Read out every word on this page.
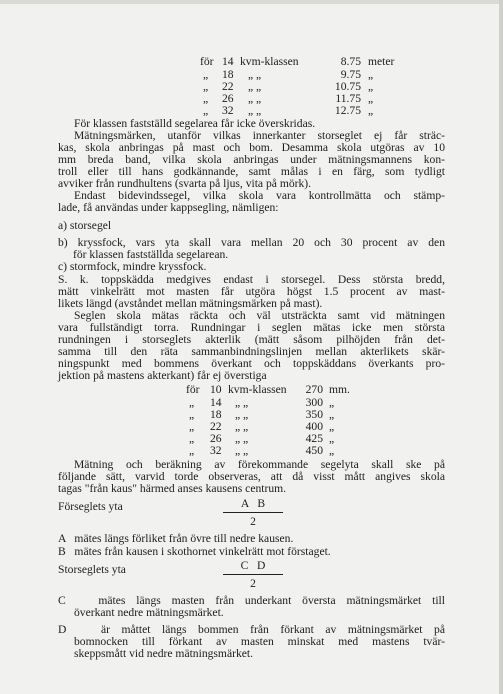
för 14 kvm-klassen	8.75 meter
„ 18 „ „	9.75 „
„ 22 „ „	10.75 „
„ 26 „ „	11.75 „
„ 32 „ „	12.75 „
För klassen fastställd segelarea får icke överskridas.
Mätningsmärken, utanför vilkas innerkanter storseglet ej får sträc-
kas, skola anbringas på mast och bom. Desamma skola utgöras av 10
mm breda band, vilka skola anbringas under mätningsmannens kon-
troll eller till hans godkännande, samt målas i en färg, som tydligt
avviker från rundhultens (svarta på ljus, vita på mörk).
Endast bidevindssegel, vilka skola vara kontrollmätta och stämp-
lade, få användas under kappsegling, nämligen:
a) storsegel
b) kryssfock, vars yta skall vara mellan 20 och 30 procent av den
för klassen fastställda segelarean.
c) stormfock, mindre kryssfock.
S. k. toppskädda medgives endast i storsegel. Dess största bredd,
mätt vinkelrätt mot masten får utgöra högst 1.5 procent av mast-
likets längd (avståndet mellan mätningsmärken på mast).
Seglen skola mätas räckta och väl utsträckta samt vid mätningen
vara fullständigt torra. Rundningar i seglen mätas icke men största
rundningen i storseglets akterlik (mätt såsom pilhöjden från det-
samma till den räta sammanbindningslinjen mellan akterlikets skär-
ningspunkt med bommens överkant och toppskäddans överkants pro-
jektion på mastens akterkant) får ej överstiga
för 10 kvm-klassen	270 mm.
„ 14 „ „	300 „
„ 18 „ „	350 „
„ 22 „ „	400 „
„ 26 „ „	425 „
„ 32 „ „	450 „
Mätning och beräkning av förekommande segelyta skall ske på
följande sätt, varvid torde observeras, att då visst mått angives skola
tagas "från kaus" härmed anses kausens centrum.
Förseglets yta	A   B
2
A   mätes längs förliket från övre till nedre kausen.
B   mätes från kausen i skothornet vinkelrätt mot förstaget.
Storseglets yta	C   D
2
C   mätes längs masten från underkant översta mätningsmärket till
överkant nedre mätningsmärket.
D   är måttet längs bommen från förkant av mätningsmärket på
bomnocken till förkant av masten minskat med mastens tvär-
skeppsmått vid nedre mätningsmärket.
